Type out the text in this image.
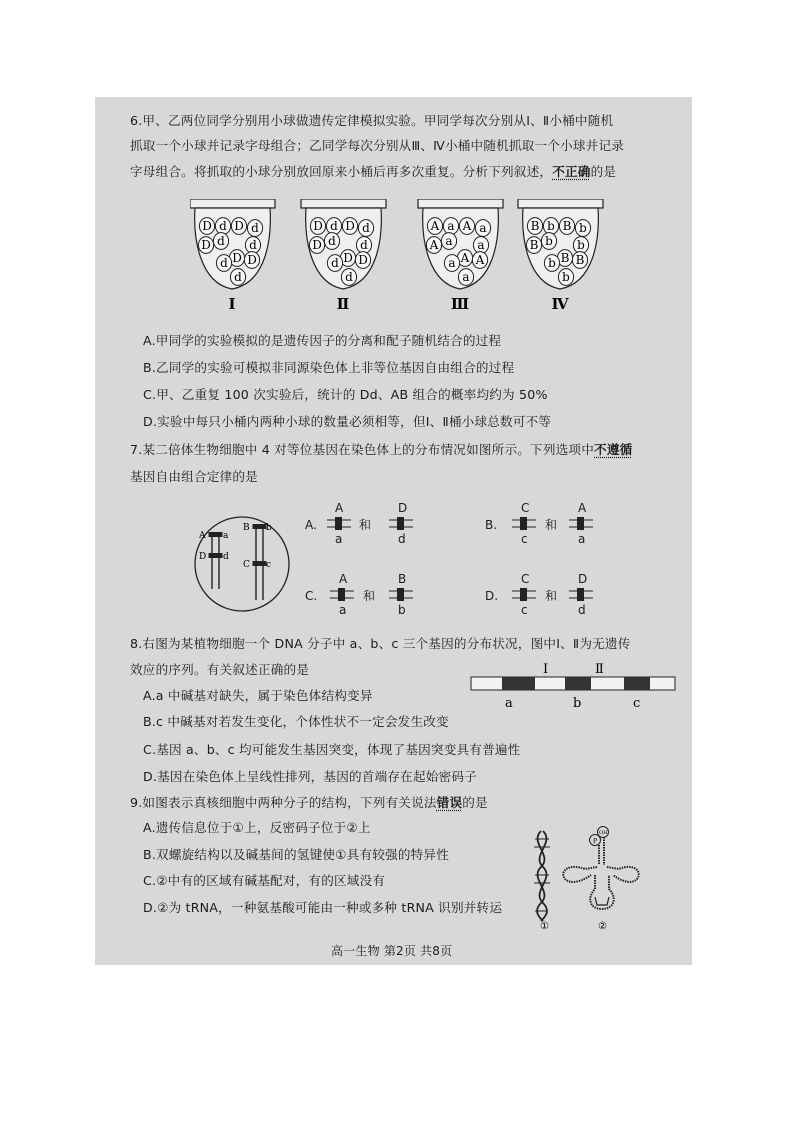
6.甲、乙两位同学分别用小球做遗传定律模拟实验。甲同学每次分别从Ⅰ、Ⅱ小桶中随机
抓取一个小球并记录字母组合；乙同学每次分别从Ⅲ、Ⅳ小桶中随机抓取一个小球并记录
字母组合。将抓取的小球分别放回原来小桶后再多次重复。分析下列叙述，不正确的是
D d D d
d d
D
D
d D
d
Ⅰ
D d D d
d d
D
D
d D
d
Ⅱ
A a A a
a a
A
A
a A
a
Ⅲ
B b B b
b b
B
B
b B
b
Ⅳ
A.甲同学的实验模拟的是遗传因子的分离和配子随机结合的过程
B.乙同学的实验可模拟非同源染色体上非等位基因自由组合的过程
C.甲、乙重复 100 次实验后，统计的 Dd、AB 组合的概率均约为 50%
D.实验中每只小桶内两种小球的数量必须相等，但Ⅰ、Ⅱ桶小球总数可不等
7.某二倍体生物细胞中 4 对等位基因在染色体上的分布情况如图所示。下列选项中不遵循
基因自由组合定律的是
A a
B b
D d
C c
A.
A
a
和
D
d
B.
C
c
和
A
a
C.
A
a
和
B
b
D.
C
c
和
D
d
8.右图为某植物细胞一个 DNA 分子中 a、b、c 三个基因的分布状况，图中Ⅰ、Ⅱ为无遗传
效应的序列。有关叙述正确的是
A.a 中碱基对缺失，属于染色体结构变异
B.c 中碱基对若发生变化，个体性状不一定会发生改变
C.基因 a、b、c 均可能发生基因突变，体现了基因突变具有普遍性
D.基因在染色体上呈线性排列，基因的首端存在起始密码子
Ⅰ	Ⅱ
a	b	c
9.如图表示真核细胞中两种分子的结构，下列有关说法错误的是
A.遗传信息位于①上，反密码子位于②上
B.双螺旋结构以及碱基间的氢键使①具有较强的特异性
C.②中有的区域有碱基配对，有的区域没有
D.②为 tRNA，一种氨基酸可能由一种或多种 tRNA 识别并转运
OH
P
①	②
高一生物 第2页 共8页
